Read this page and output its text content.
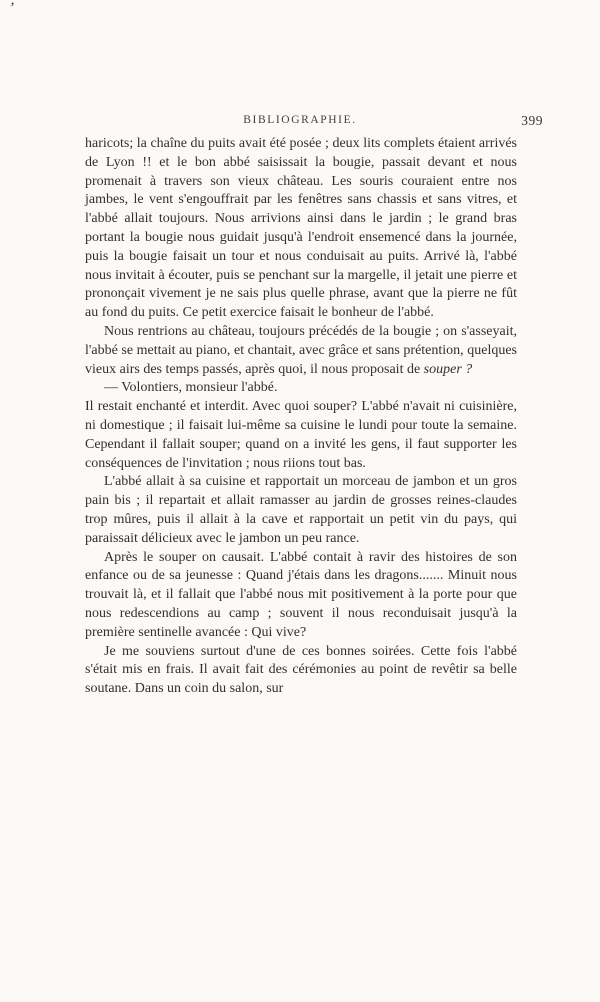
ʼ
BIBLIOGRAPHIE.	399

haricots; la chaîne du puits avait été posée ; deux lits complets étaient arrivés de Lyon !! et le bon abbé saisissait la bougie, passait devant et nous promenait à travers son vieux château. Les souris couraient entre nos jambes, le vent s'engouffrait par les fenêtres sans chassis et sans vitres, et l'abbé allait toujours. Nous arrivions ainsi dans le jardin ; le grand bras portant la bougie nous guidait jusqu'à l'endroit ensemencé dans la journée, puis la bougie faisait un tour et nous conduisait au puits. Arrivé là, l'abbé nous invitait à écouter, puis se penchant sur la margelle, il jetait une pierre et prononçait vivement je ne sais plus quelle phrase, avant que la pierre ne fût au fond du puits. Ce petit exercice faisait le bonheur de l'abbé.

Nous rentrions au château, toujours précédés de la bougie ; on s'asseyait, l'abbé se mettait au piano, et chantait, avec grâce et sans prétention, quelques vieux airs des temps passés, après quoi, il nous proposait de souper ?

— Volontiers, monsieur l'abbé.

Il restait enchanté et interdit. Avec quoi souper? L'abbé n'avait ni cuisinière, ni domestique ; il faisait lui-même sa cuisine le lundi pour toute la semaine. Cependant il fallait souper; quand on a invité les gens, il faut supporter les conséquences de l'invitation ; nous riions tout bas.

L'abbé allait à sa cuisine et rapportait un morceau de jambon et un gros pain bis ; il repartait et allait ramasser au jardin de grosses reines-claudes trop mûres, puis il allait à la cave et rapportait un petit vin du pays, qui paraissait délicieux avec le jambon un peu rance.

Après le souper on causait. L'abbé contait à ravir des histoires de son enfance ou de sa jeunesse : Quand j'étais dans les dragons....... Minuit nous trouvait là, et il fallait que l'abbé nous mit positivement à la porte pour que nous redescendions au camp ; souvent il nous reconduisait jusqu'à la première sentinelle avancée : Qui vive?

Je me souviens surtout d'une de ces bonnes soirées. Cette fois l'abbé s'était mis en frais. Il avait fait des cérémonies au point de revêtir sa belle soutane. Dans un coin du salon, sur
